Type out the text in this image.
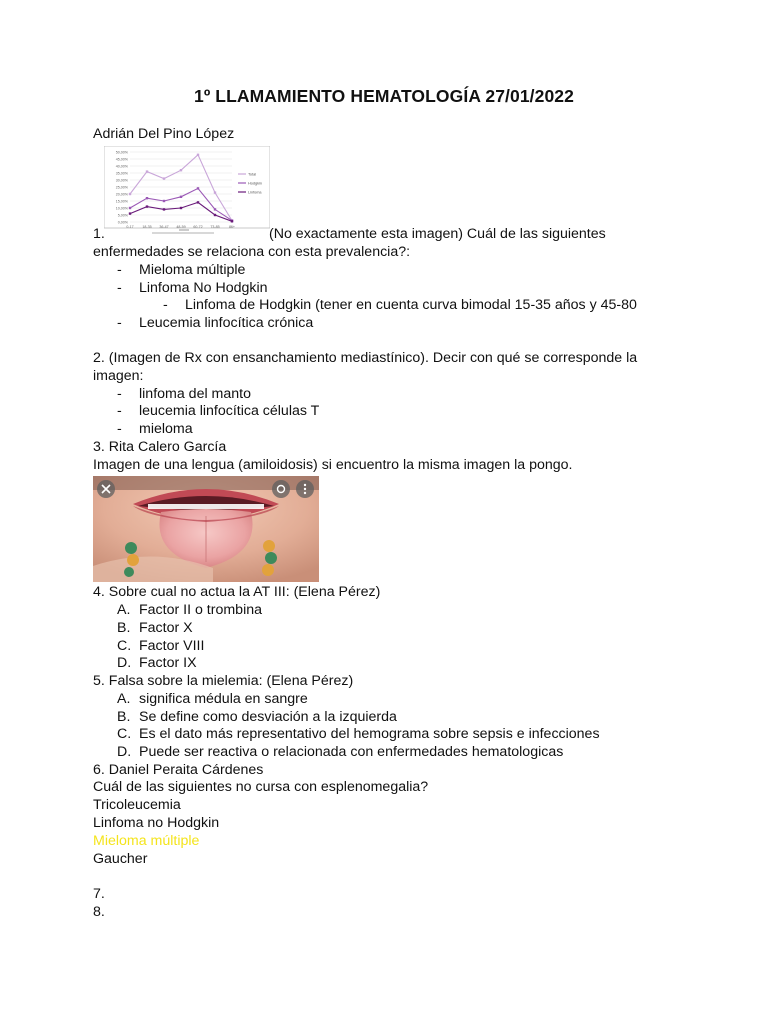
1º LLAMAMIENTO HEMATOLOGÍA 27/01/2022
Adrián Del Pino López
0,00%
5,00%
10,00%
15,00%
20,00%
25,00%
30,00%
35,00%
40,00%
45,00%
50,00%
0-17 18-35 36-47 48-59 60-72 73-85	86+
Total
Hodgkin
Linfoma
1.	(No exactamente esta imagen) Cuál de las siguientes
enfermedades se relaciona con esta prevalencia?:
- Mieloma múltiple
- Linfoma No Hodgkin
- Linfoma de Hodgkin (tener en cuenta curva bimodal 15-35 años y 45-80
- Leucemia linfocítica crónica
2. (Imagen de Rx con ensanchamiento mediastínico). Decir con qué se corresponde la
imagen:
- linfoma del manto
- leucemia linfocítica células T
- mieloma
3. Rita Calero García
Imagen de una lengua (amiloidosis) si encuentro la misma imagen la pongo.
4. Sobre cual no actua la AT III: (Elena Pérez)
A. Factor II o trombina
B. Factor X
C. Factor VIII
D. Factor IX
5. Falsa sobre la mielemia: (Elena Pérez)
A. significa médula en sangre
B. Se define como desviación a la izquierda
C. Es el dato más representativo del hemograma sobre sepsis e infecciones
D. Puede ser reactiva o relacionada con enfermedades hematologicas
6. Daniel Peraita Cárdenes
Cuál de las siguientes no cursa con esplenomegalia?
Tricoleucemia
Linfoma no Hodgkin
Mieloma múltiple
Gaucher
7.
8.
